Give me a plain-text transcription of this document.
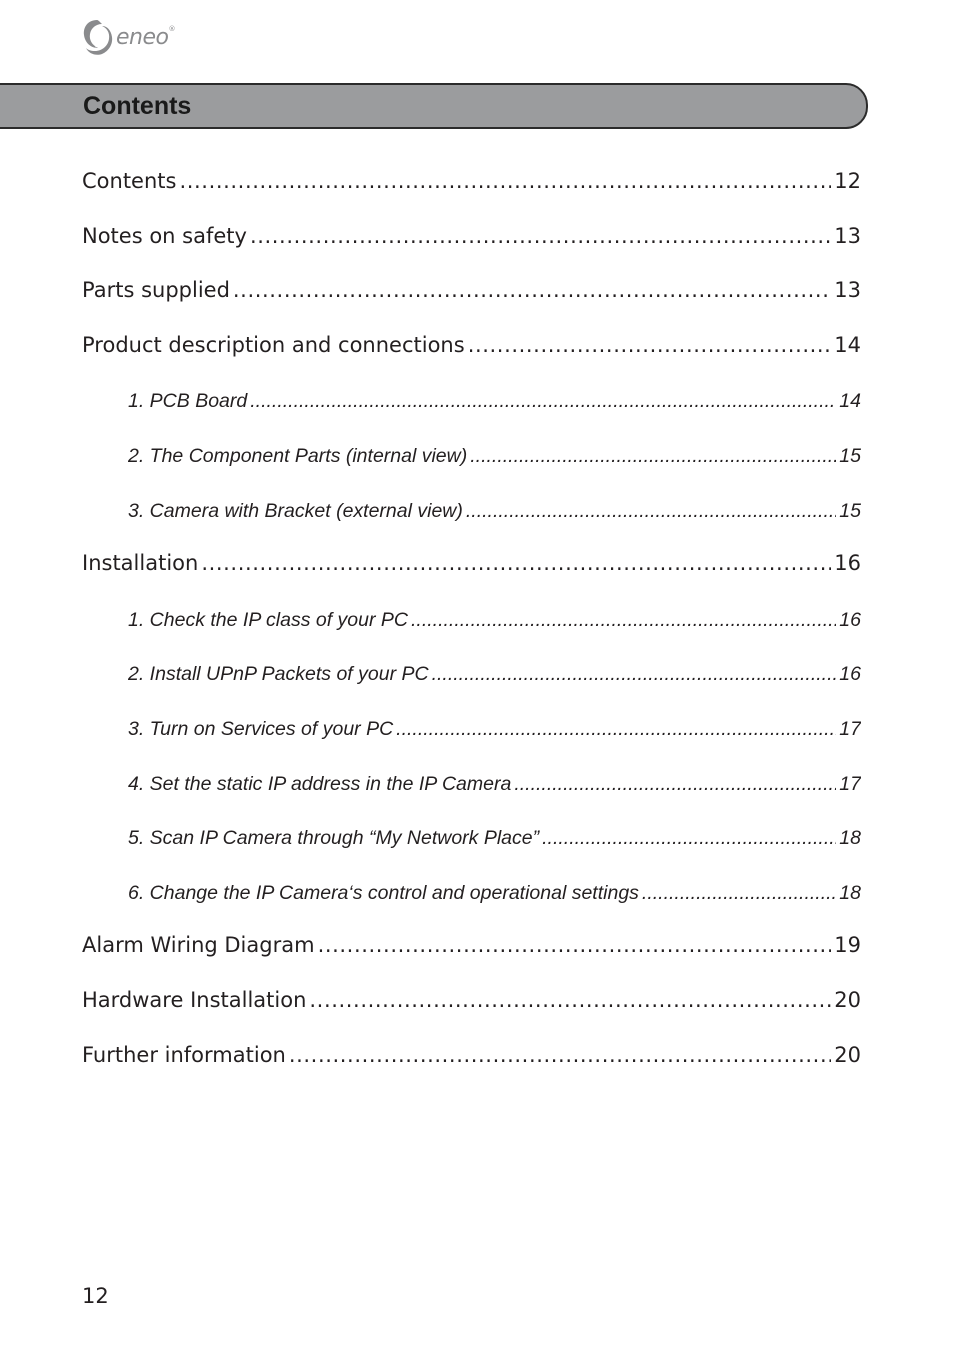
eneo ®
Contents
Contents .....	12
Notes on safety .....	13
Parts supplied .....	13
Product description and connections .....	14
1. PCB Board .....	14
2. The Component Parts (internal view) .....	15
3. Camera with Bracket (external view) .....	15
Installation .....	16
1. Check the IP class of your PC .....	16
2. Install UPnP Packets of your PC .....	16
3. Turn on Services of your PC .....	17
4. Set the static IP address in the IP Camera .....	17
5. Scan IP Camera through “My Network Place” .....	18
6. Change the IP Camera‘s control and operational settings .....	18
Alarm Wiring Diagram .....	19
Hardware Installation .....	20
Further information .....	20
12
